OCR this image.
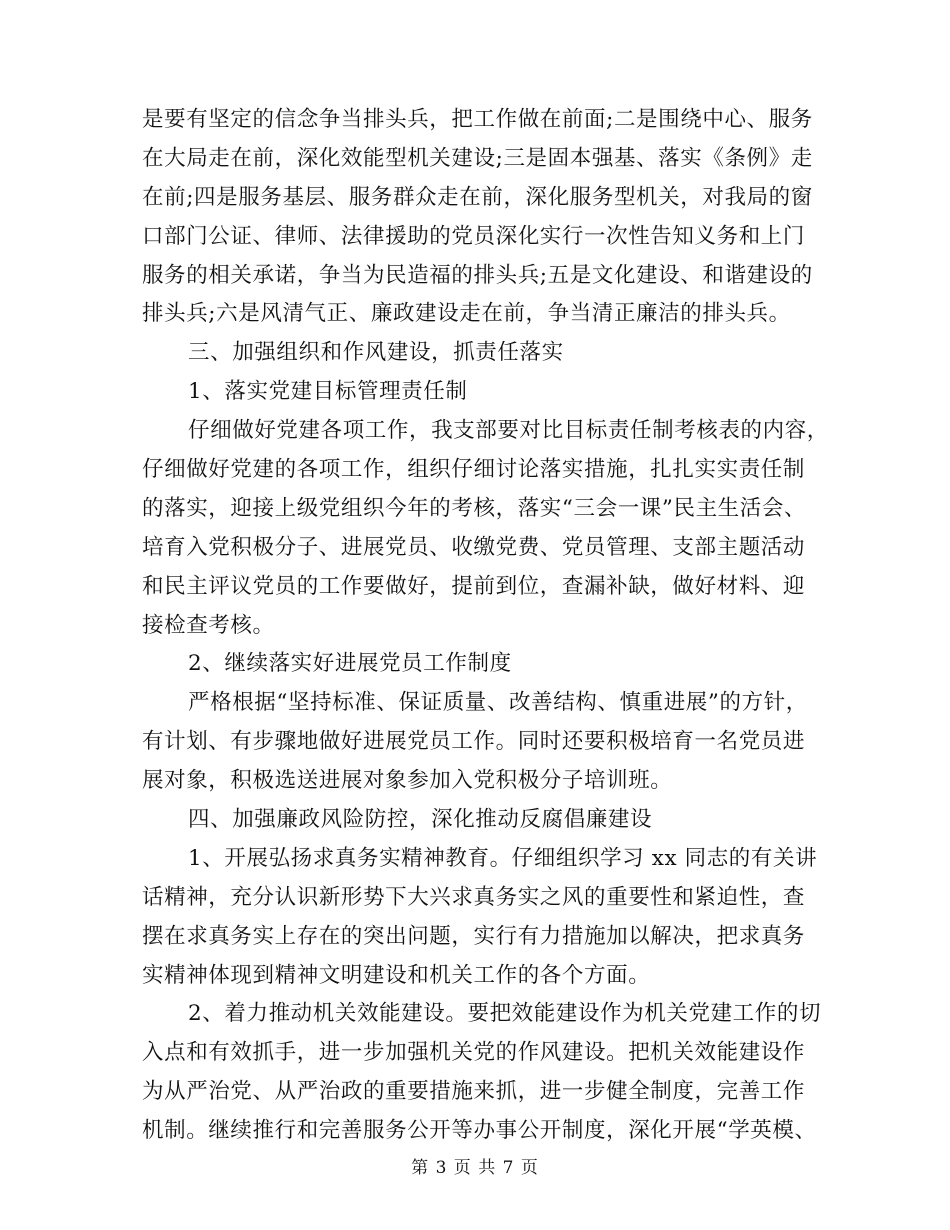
是要有坚定的信念争当排头兵，把工作做在前面;二是围绕中心、服务
在大局走在前，深化效能型机关建设;三是固本强基、落实《条例》走
在前;四是服务基层、服务群众走在前，深化服务型机关，对我局的窗
口部门公证、律师、法律援助的党员深化实行一次性告知义务和上门
服务的相关承诺，争当为民造福的排头兵;五是文化建设、和谐建设的
排头兵;六是风清气正、廉政建设走在前，争当清正廉洁的排头兵。
三、加强组织和作风建设，抓责任落实
1、落实党建目标管理责任制
仔细做好党建各项工作，我支部要对比目标责任制考核表的内容，
仔细做好党建的各项工作，组织仔细讨论落实措施，扎扎实实责任制
的落实，迎接上级党组织今年的考核，落实“三会一课”民主生活会、
培育入党积极分子、进展党员、收缴党费、党员管理、支部主题活动
和民主评议党员的工作要做好，提前到位，查漏补缺，做好材料、迎
接检查考核。
2、继续落实好进展党员工作制度
严格根据“坚持标准、保证质量、改善结构、慎重进展”的方针，
有计划、有步骤地做好进展党员工作。同时还要积极培育一名党员进
展对象，积极选送进展对象参加入党积极分子培训班。
四、加强廉政风险防控，深化推动反腐倡廉建设
1、开展弘扬求真务实精神教育。仔细组织学习 xx 同志的有关讲
话精神，充分认识新形势下大兴求真务实之风的重要性和紧迫性，查
摆在求真务实上存在的突出问题，实行有力措施加以解决，把求真务
实精神体现到精神文明建设和机关工作的各个方面。
2、着力推动机关效能建设。要把效能建设作为机关党建工作的切
入点和有效抓手，进一步加强机关党的作风建设。把机关效能建设作
为从严治党、从严治政的重要措施来抓，进一步健全制度，完善工作
机制。继续推行和完善服务公开等办事公开制度，深化开展“学英模、
第 3 页 共 7 页
